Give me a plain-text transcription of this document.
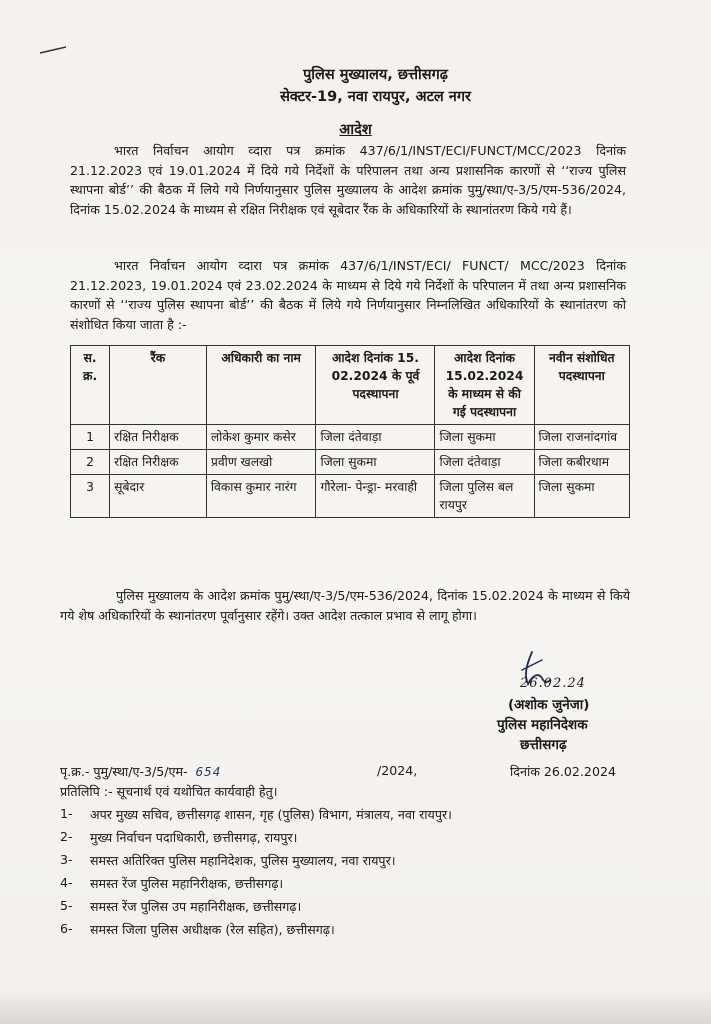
पुलिस मुख्यालय, छत्तीसगढ़
सेक्टर-19, नवा रायपुर, अटल नगर
आदेश

भारत निर्वाचन आयोग व्दारा पत्र क्रमांक 437/6/1/INST/ECI/FUNCT/MCC/2023 दिनांक 21.12.2023 एवं 19.01.2024 में दिये गये निर्देशों के परिपालन तथा अन्य प्रशासनिक कारणों से ‘‘राज्य पुलिस स्थापना बोर्ड’’ की बैठक में लिये गये निर्णयानुसार पुलिस मुख्यालय के आदेश क्रमांक पुमु/स्था/ए-3/5/एम-536/2024, दिनांक 15.02.2024 के माध्यम से रक्षित निरीक्षक एवं सूबेदार रैंक के अधिकारियों के स्थानांतरण किये गये हैं।

भारत निर्वाचन आयोग व्दारा पत्र क्रमांक 437/6/1/INST/ECI/ FUNCT/ MCC/2023 दिनांक 21.12.2023, 19.01.2024 एवं 23.02.2024 के माध्यम से दिये गये निर्देशों के परिपालन में तथा अन्य प्रशासनिक कारणों से ‘‘राज्य पुलिस स्थापना बोर्ड’’ की बैठक में लिये गये निर्णयानुसार निम्नलिखित अधिकारियों के स्थानांतरण को संशोधित किया जाता है :-

स. क्र.	रैंक	अधिकारी का नाम	आदेश दिनांक 15. 02.2024 के पूर्व पदस्थापना	आदेश दिनांक 15.02.2024 के माध्यम से की गई पदस्थापना	नवीन संशोधित पदस्थापना
1	रक्षित निरीक्षक	लोकेश कुमार कसेर	जिला दंतेवाड़ा	जिला सुकमा	जिला राजनांदगांव
2	रक्षित निरीक्षक	प्रवीण खलखो	जिला सुकमा	जिला दंतेवाड़ा	जिला कबीरधाम
3	सूबेदार	विकास कुमार नारंग	गौरेला- पेन्ड्रा- मरवाही	जिला पुलिस बल रायपुर	जिला सुकमा

पुलिस मुख्यालय के आदेश क्रमांक पुमु/स्था/ए-3/5/एम-536/2024, दिनांक 15.02.2024 के माध्यम से किये गये शेष अधिकारियों के स्थानांतरण पूर्वानुसार रहेंगे। उक्त आदेश तत्काल प्रभाव से लागू होगा।

26.02.24
(अशोक जुनेजा)
पुलिस महानिदेशक
छत्तीसगढ़
पृ.क्र.- पुमु/स्था/ए-3/5/एम- 654	/2024,	दिनांक 26.02.2024
प्रतिलिपि :- सूचनार्थ एवं यथोचित कार्यवाही हेतु।
1- अपर मुख्य सचिव, छत्तीसगढ़ शासन, गृह (पुलिस) विभाग, मंत्रालय, नवा रायपुर।
2- मुख्य निर्वाचन पदाधिकारी, छत्तीसगढ़, रायपुर।
3- समस्त अतिरिक्त पुलिस महानिदेशक, पुलिस मुख्यालय, नवा रायपुर।
4- समस्त रेंज पुलिस महानिरीक्षक, छत्तीसगढ़।
5- समस्त रेंज पुलिस उप महानिरीक्षक, छत्तीसगढ़।
6- समस्त जिला पुलिस अधीक्षक (रेल सहित), छत्तीसगढ़।
